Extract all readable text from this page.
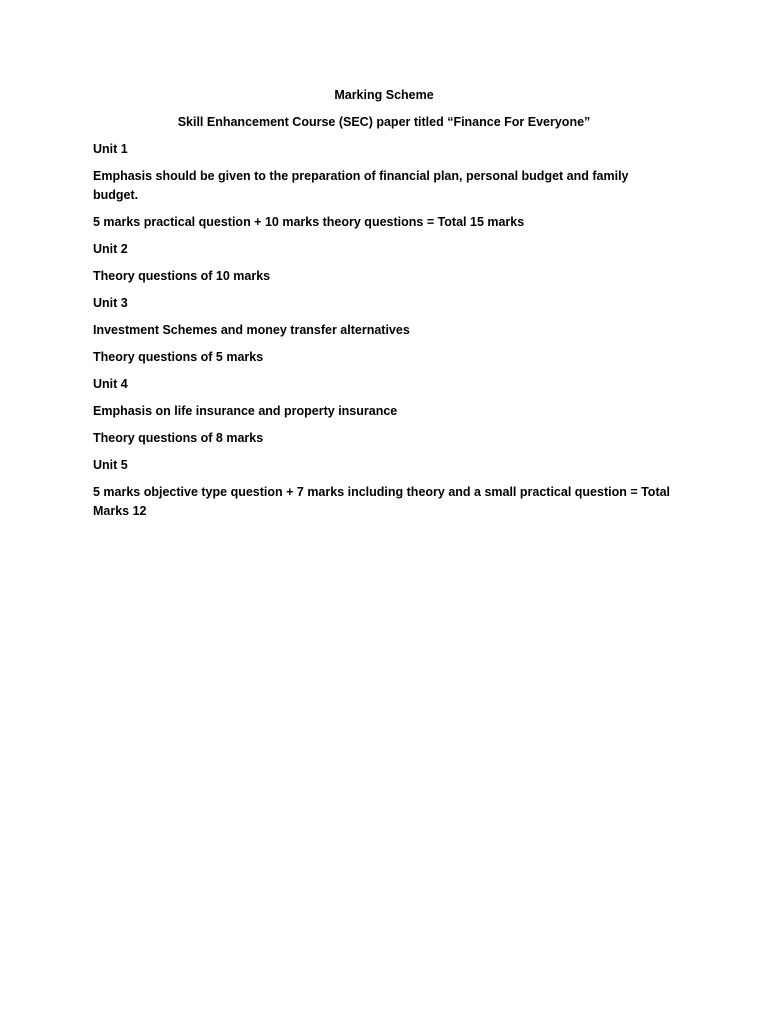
Marking Scheme

Skill Enhancement Course (SEC) paper titled “Finance For Everyone”

Unit 1

Emphasis should be given to the preparation of financial plan, personal budget and family budget.

5 marks practical question + 10 marks theory questions = Total 15 marks

Unit 2

Theory questions of 10 marks

Unit 3

Investment Schemes and money transfer alternatives

Theory questions of 5 marks

Unit 4

Emphasis on life insurance and property insurance

Theory questions of 8 marks

Unit 5

5 marks objective type question + 7 marks including theory and a small practical question = Total Marks 12
